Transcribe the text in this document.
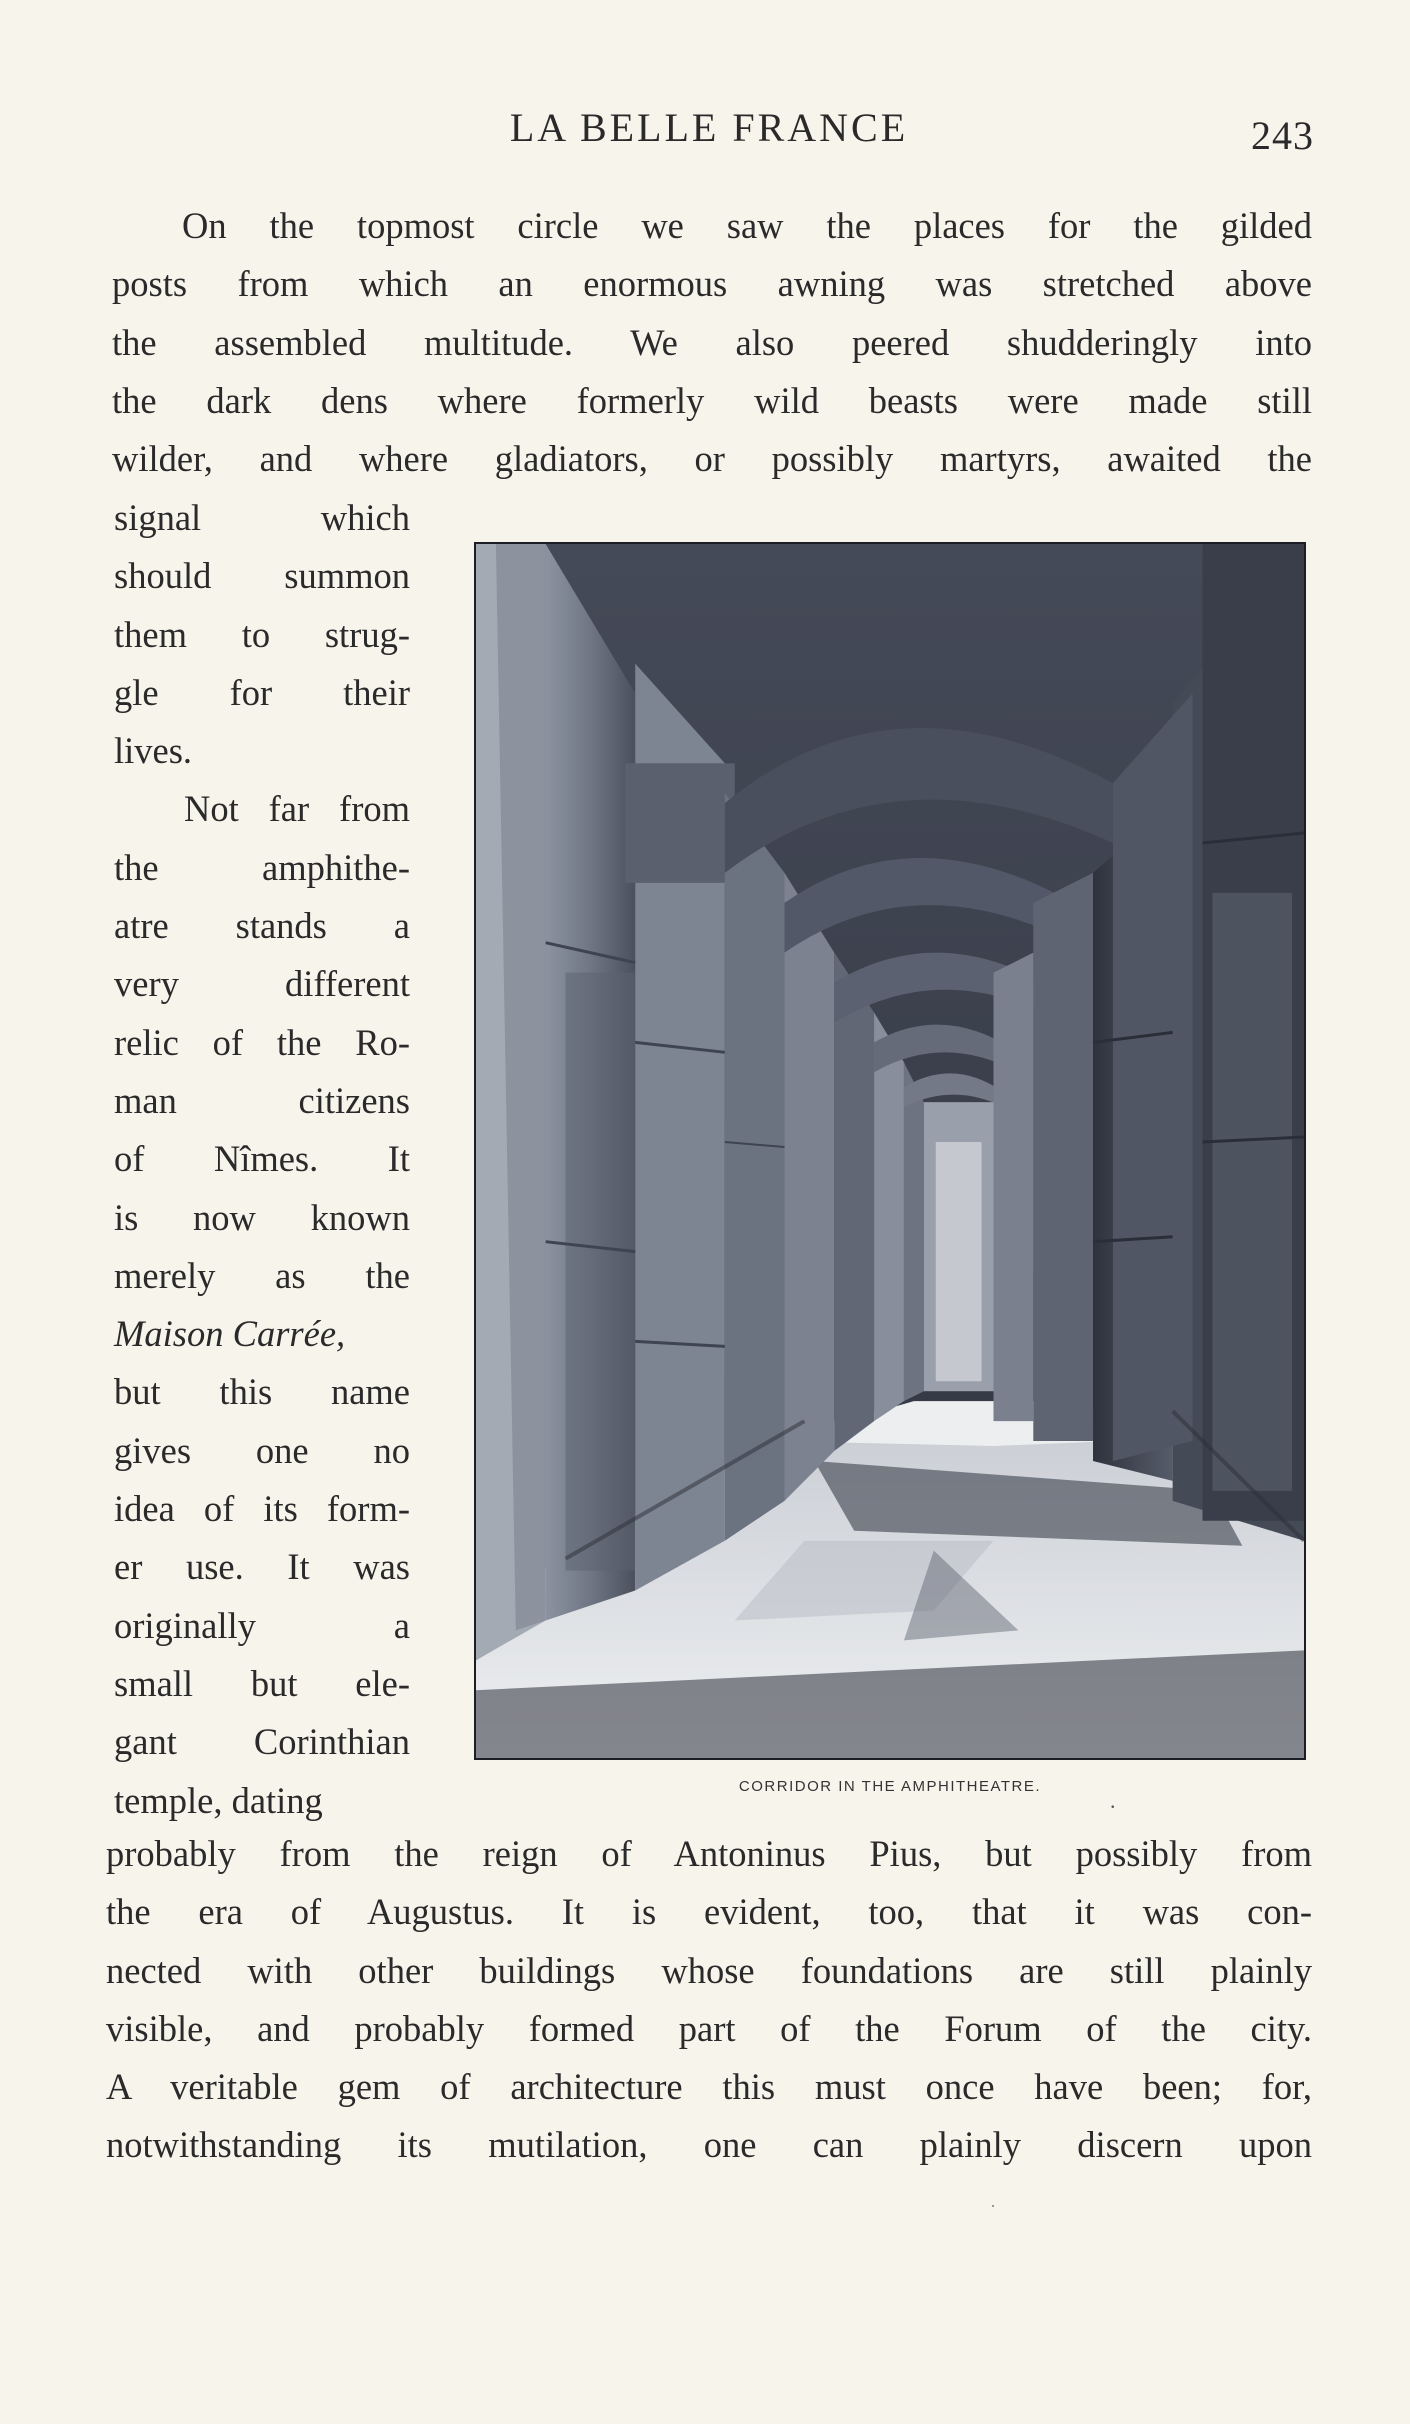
LA BELLE FRANCE	243
On the topmost circle we saw the places for the gilded
posts from which an enormous awning was stretched above
the assembled multitude. We also peered shudderingly into
the dark dens where formerly wild beasts were made still
wilder, and where gladiators, or possibly martyrs, awaited the
signal which
should summon
them to strug-
gle for their
lives.
Not far from
the amphithe-
atre stands a
very different
relic of the Ro-
man citizens
of Nîmes. It
is now known
merely as the
Maison Carrée,
but this name
gives one no
idea of its form-
er use. It was
originally a
small but ele-
gant Corinthian
temple, dating	CORRIDOR IN THE AMPHITHEATRE.
.
·
probably from the reign of Antoninus Pius, but possibly from
the era of Augustus. It is evident, too, that it was con-
nected with other buildings whose foundations are still plainly
visible, and probably formed part of the Forum of the city.
A veritable gem of architecture this must once have been; for,
notwithstanding its mutilation, one can plainly discern upon
